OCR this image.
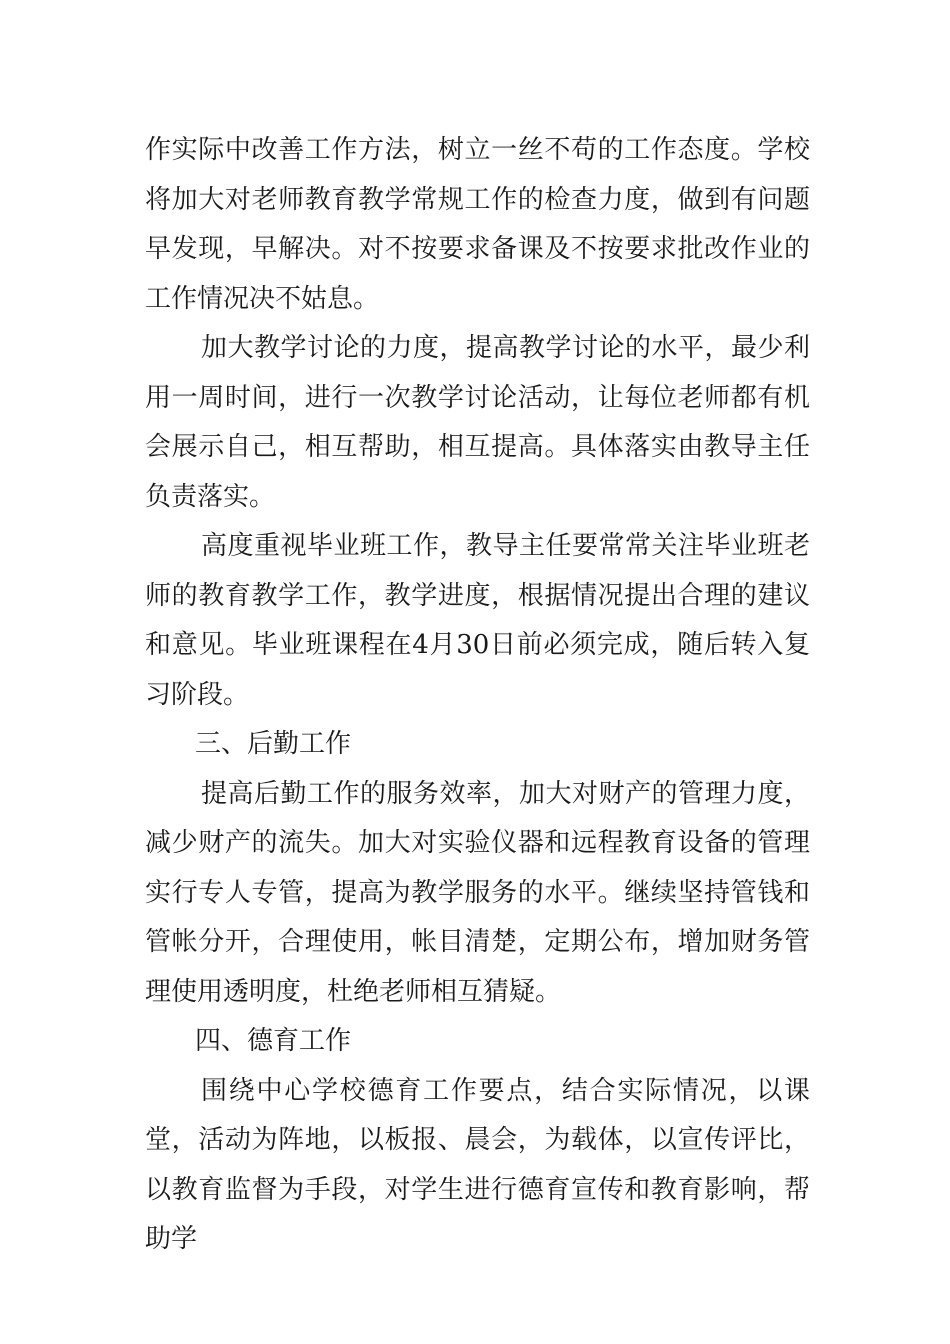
作实际中改善工作方法，树立一丝不苟的工作态度。学校将加大对老师教育教学常规工作的检查力度，做到有问题早发现，早解决。对不按要求备课及不按要求批改作业的工作情况决不姑息。

加大教学讨论的力度，提高教学讨论的水平，最少利用一周时间，进行一次教学讨论活动，让每位老师都有机会展示自己，相互帮助，相互提高。具体落实由教导主任负责落实。

高度重视毕业班工作，教导主任要常常关注毕业班老师的教育教学工作，教学进度，根据情况提出合理的建议和意见。毕业班课程在4月30日前必须完成，随后转入复习阶段。

三、后勤工作

提高后勤工作的服务效率，加大对财产的管理力度，减少财产的流失。加大对实验仪器和远程教育设备的管理实行专人专管，提高为教学服务的水平。继续坚持管钱和管帐分开，合理使用，帐目清楚，定期公布，增加财务管理使用透明度，杜绝老师相互猜疑。

四、德育工作

围绕中心学校德育工作要点，结合实际情况，以课堂，活动为阵地，以板报、晨会，为载体，以宣传评比，以教育监督为手段，对学生进行德育宣传和教育影响，帮助学
